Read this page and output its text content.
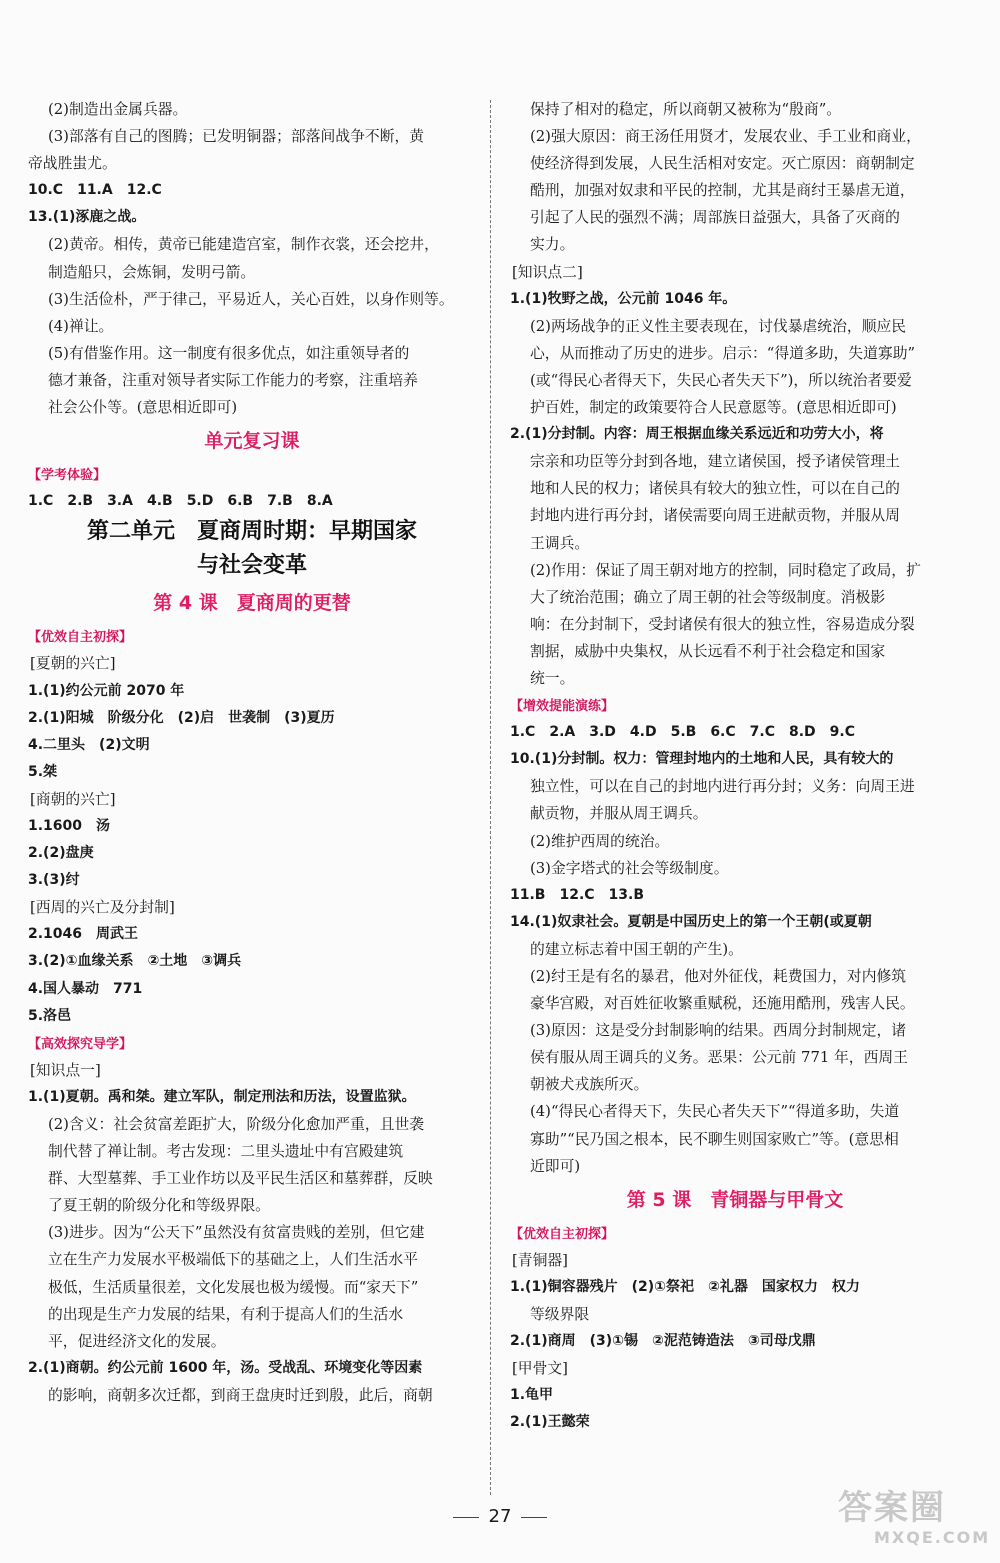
(2)制造出金属兵器。
(3)部落有自己的图腾；已发明铜器；部落间战争不断，黄
帝战胜蚩尤。
10.C　11.A　12.C
13.(1)涿鹿之战。
(2)黄帝。相传，黄帝已能建造宫室，制作衣裳，还会挖井，
制造船只，会炼铜，发明弓箭。
(3)生活俭朴，严于律己，平易近人，关心百姓，以身作则等。
(4)禅让。
(5)有借鉴作用。这一制度有很多优点，如注重领导者的
德才兼备，注重对领导者实际工作能力的考察，注重培养
社会公仆等。(意思相近即可)
单元复习课
【学考体验】
1.C　2.B　3.A　4.B　5.D　6.B　7.B　8.A
第二单元　夏商周时期：早期国家
与社会变革
第 4 课　夏商周的更替
【优效自主初探】
[夏朝的兴亡]
1.(1)约公元前 2070 年
2.(1)阳城　阶级分化　(2)启　世袭制　(3)夏历
4.二里头　(2)文明
5.桀
[商朝的兴亡]
1.1600　汤
2.(2)盘庚
3.(3)纣
[西周的兴亡及分封制]
2.1046　周武王
3.(2)①血缘关系　②土地　③调兵
4.国人暴动　771
5.洛邑
【高效探究导学】
[知识点一]
1.(1)夏朝。禹和桀。建立军队，制定刑法和历法，设置监狱。
(2)含义：社会贫富差距扩大，阶级分化愈加严重，且世袭
制代替了禅让制。考古发现：二里头遗址中有宫殿建筑
群、大型墓葬、手工业作坊以及平民生活区和墓葬群，反映
了夏王朝的阶级分化和等级界限。
(3)进步。因为“公天下”虽然没有贫富贵贱的差别，但它建
立在生产力发展水平极端低下的基础之上，人们生活水平
极低，生活质量很差，文化发展也极为缓慢。而“家天下”
的出现是生产力发展的结果，有利于提高人们的生活水
平，促进经济文化的发展。
2.(1)商朝。约公元前 1600 年，汤。受战乱、环境变化等因素
的影响，商朝多次迁都，到商王盘庚时迁到殷，此后，商朝
保持了相对的稳定，所以商朝又被称为“殷商”。
(2)强大原因：商王汤任用贤才，发展农业、手工业和商业，
使经济得到发展，人民生活相对安定。灭亡原因：商朝制定
酷刑，加强对奴隶和平民的控制，尤其是商纣王暴虐无道，
引起了人民的强烈不满；周部族日益强大，具备了灭商的
实力。
[知识点二]
1.(1)牧野之战，公元前 1046 年。
(2)两场战争的正义性主要表现在，讨伐暴虐统治，顺应民
心，从而推动了历史的进步。启示：“得道多助，失道寡助”
(或“得民心者得天下，失民心者失天下”)，所以统治者要爱
护百姓，制定的政策要符合人民意愿等。(意思相近即可)
2.(1)分封制。内容：周王根据血缘关系远近和功劳大小，将
宗亲和功臣等分封到各地，建立诸侯国，授予诸侯管理土
地和人民的权力；诸侯具有较大的独立性，可以在自己的
封地内进行再分封，诸侯需要向周王进献贡物，并服从周
王调兵。
(2)作用：保证了周王朝对地方的控制，同时稳定了政局，扩
大了统治范围；确立了周王朝的社会等级制度。消极影
响：在分封制下，受封诸侯有很大的独立性，容易造成分裂
割据，威胁中央集权，从长远看不利于社会稳定和国家
统一。
【增效提能演练】
1.C　2.A　3.D　4.D　5.B　6.C　7.C　8.D　9.C
10.(1)分封制。权力：管理封地内的土地和人民，具有较大的
独立性，可以在自己的封地内进行再分封；义务：向周王进
献贡物，并服从周王调兵。
(2)维护西周的统治。
(3)金字塔式的社会等级制度。
11.B　12.C　13.B
14.(1)奴隶社会。夏朝是中国历史上的第一个王朝(或夏朝
的建立标志着中国王朝的产生)。
(2)纣王是有名的暴君，他对外征伐，耗费国力，对内修筑
豪华宫殿，对百姓征收繁重赋税，还施用酷刑，残害人民。
(3)原因：这是受分封制影响的结果。西周分封制规定，诸
侯有服从周王调兵的义务。恶果：公元前 771 年，西周王
朝被犬戎族所灭。
(4)“得民心者得天下，失民心者失天下”“得道多助，失道
寡助”“民乃国之根本，民不聊生则国家败亡”等。(意思相
近即可)
第 5 课　青铜器与甲骨文
【优效自主初探】
[青铜器]
1.(1)铜容器残片　(2)①祭祀　②礼器　国家权力　权力
等级界限
2.(1)商周　(3)①锡　②泥范铸造法　③司母戊鼎
[甲骨文]
1.龟甲
2.(1)王懿荣
27	答案圈
MXQE.COM
